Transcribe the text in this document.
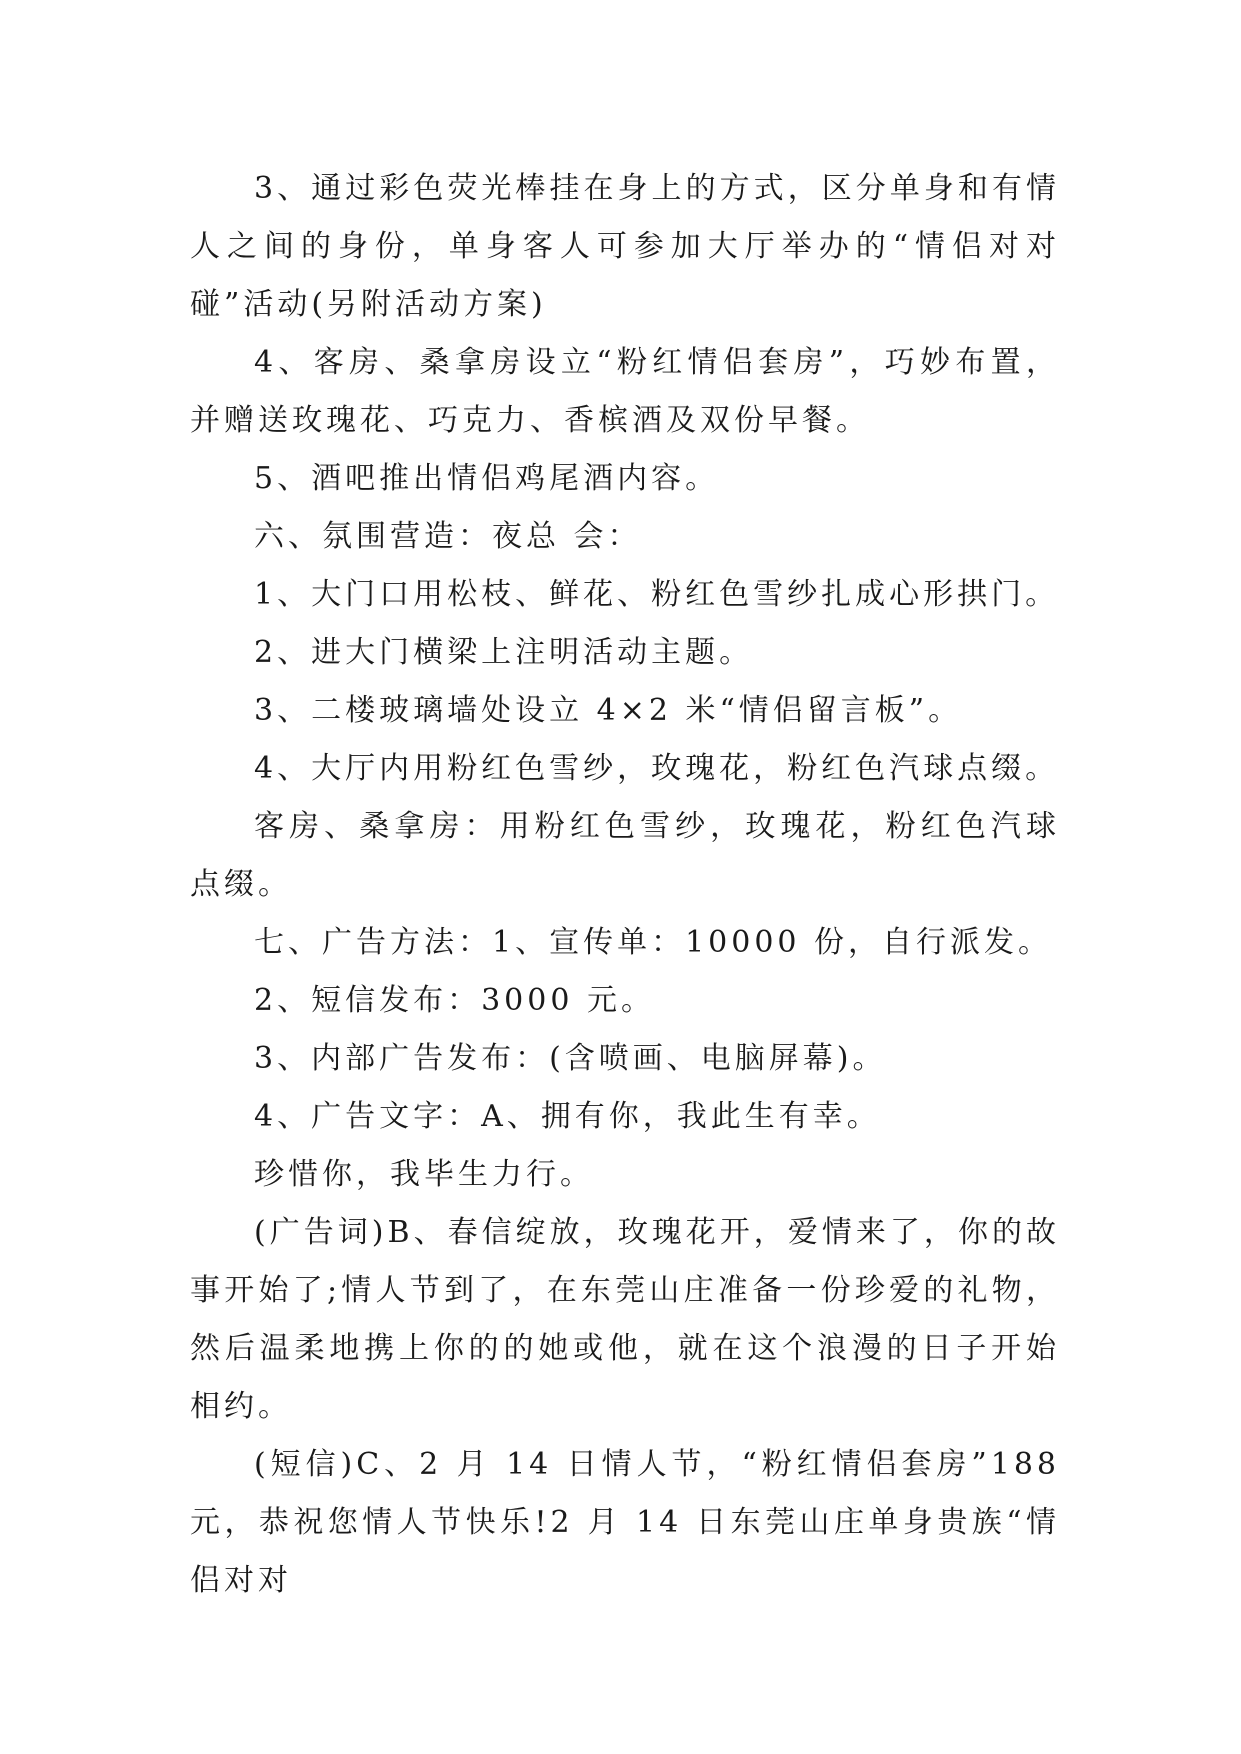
3、通过彩色荧光棒挂在身上的方式，区分单身和有情人之间的身份，单身客人可参加大厅举办的“情侣对对碰”活动(另附活动方案)

4、客房、桑拿房设立“粉红情侣套房”，巧妙布置，并赠送玫瑰花、巧克力、香槟酒及双份早餐。

5、酒吧推出情侣鸡尾酒内容。

六、氛围营造：夜总 会：

1、大门口用松枝、鲜花、粉红色雪纱扎成心形拱门。

2、进大门横梁上注明活动主题。

3、二楼玻璃墙处设立 4×2 米“情侣留言板”。

4、大厅内用粉红色雪纱，玫瑰花，粉红色汽球点缀。

客房、桑拿房：用粉红色雪纱，玫瑰花，粉红色汽球点缀。

七、广告方法：1、宣传单：10000 份，自行派发。

2、短信发布：3000 元。

3、内部广告发布：(含喷画、电脑屏幕)。

4、广告文字：A、拥有你，我此生有幸。

珍惜你，我毕生力行。

(广告词)B、春信绽放，玫瑰花开，爱情来了，你的故事开始了;情人节到了，在东莞山庄准备一份珍爱的礼物，然后温柔地携上你的的她或他，就在这个浪漫的日子开始相约。

(短信)C、2 月 14 日情人节，“粉红情侣套房”188 元，恭祝您情人节快乐!2 月 14 日东莞山庄单身贵族“情侣对对
